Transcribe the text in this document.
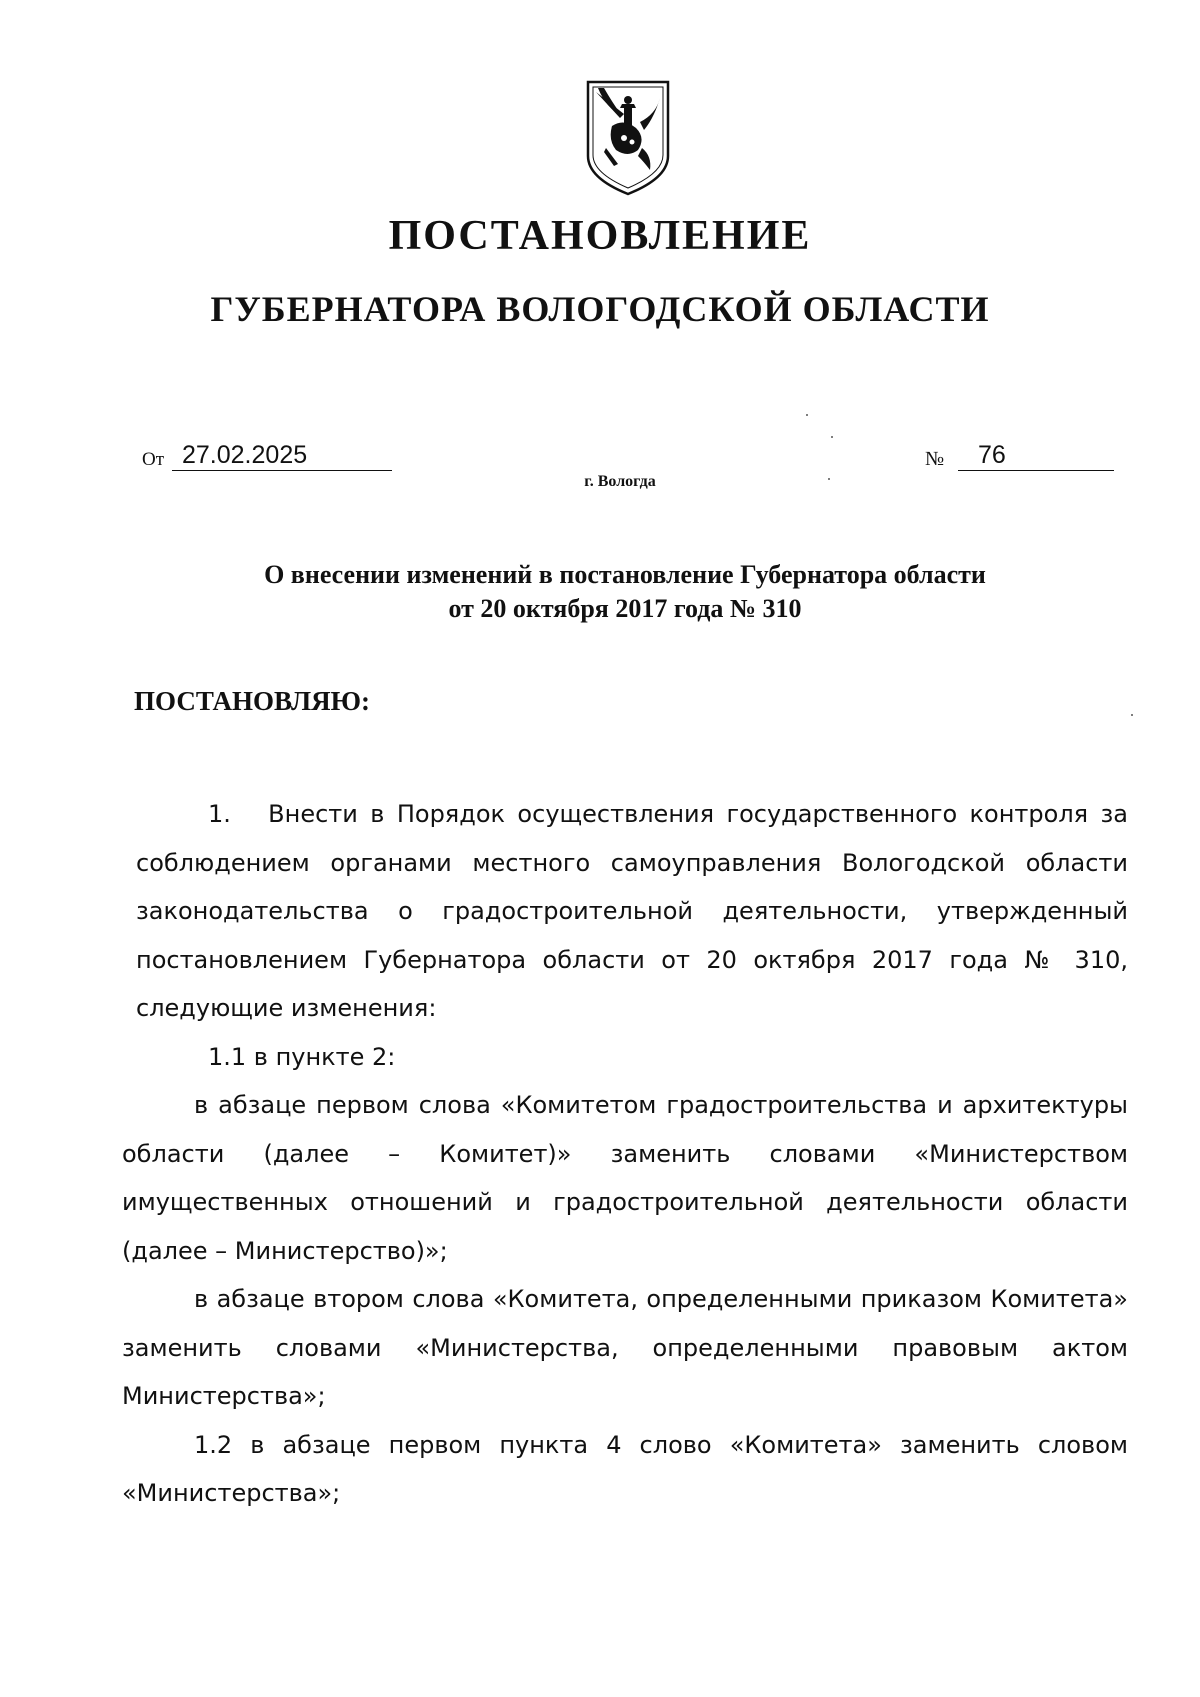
ПОСТАНОВЛЕНИЕ
ГУБЕРНАТОРА ВОЛОГОДСКОЙ ОБЛАСТИ
От 27.02.2025	№	76
г. Вологда
О внесении изменений в постановление Губернатора области
от 20 октября 2017 года № 310
ПОСТАНОВЛЯЮ:

1.   Внести в Порядок осуществления государственного контроля за соблюдением органами местного самоуправления Вологодской области законодательства о градостроительной деятельности, утвержденный постановлением Губернатора области от 20 октября 2017 года № 310, следующие изменения:

1.1 в пункте 2:

в абзаце первом слова «Комитетом градостроительства и архитектуры области (далее – Комитет)» заменить словами «Министерством имущественных отношений и градостроительной деятельности области (далее – Министерство)»;

в абзаце втором слова «Комитета, определенными приказом Комитета» заменить словами «Министерства, определенными правовым актом Министерства»;

1.2 в абзаце первом пункта 4 слово «Комитета» заменить словом «Министерства»;
